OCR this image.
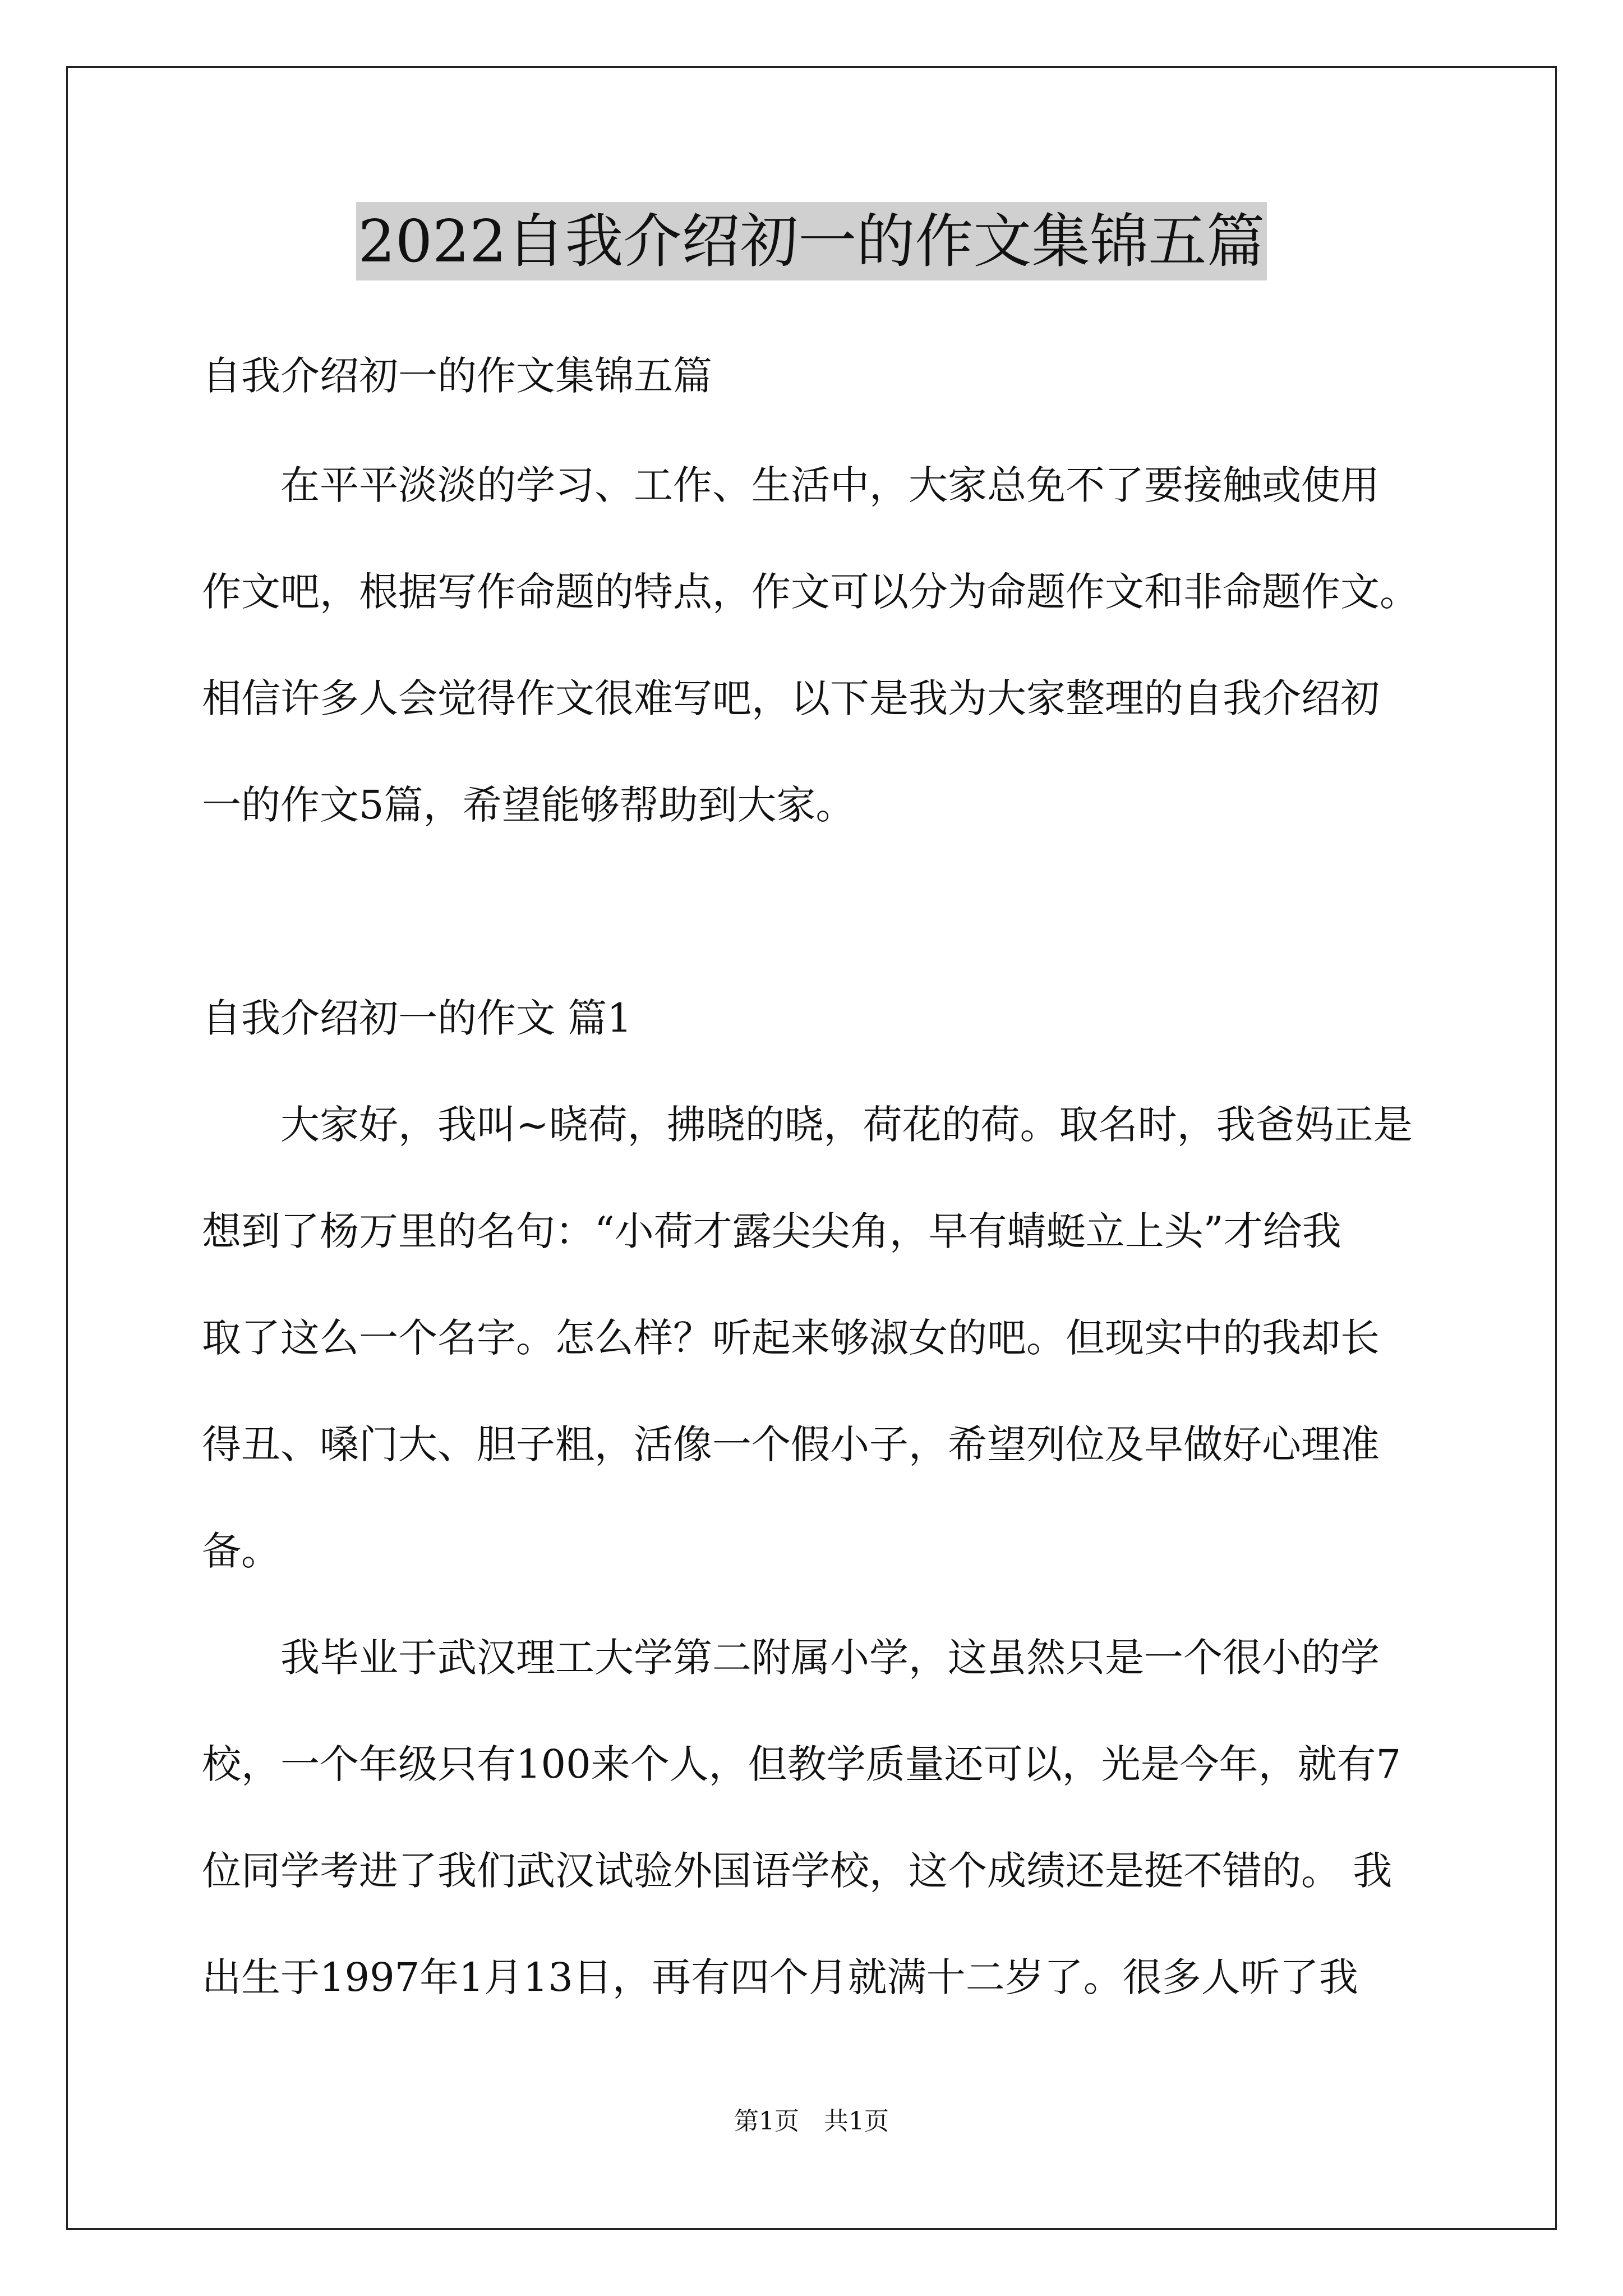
2022自我介绍初一的作文集锦五篇
自我介绍初一的作文集锦五篇
　　在平平淡淡的学习、工作、生活中，大家总免不了要接触或使用
作文吧，根据写作命题的特点，作文可以分为命题作文和非命题作文。
相信许多人会觉得作文很难写吧，以下是我为大家整理的自我介绍初
一的作文5篇，希望能够帮助到大家。
自我介绍初一的作文 篇1
　　大家好，我叫~晓荷，拂晓的晓，荷花的荷。取名时，我爸妈正是
想到了杨万里的名句：“小荷才露尖尖角，早有蜻蜓立上头”才给我
取了这么一个名字。怎么样？听起来够淑女的吧。但现实中的我却长
得丑、嗓门大、胆子粗，活像一个假小子，希望列位及早做好心理准
备。
　　我毕业于武汉理工大学第二附属小学，这虽然只是一个很小的学
校，一个年级只有100来个人，但教学质量还可以，光是今年，就有7
位同学考进了我们武汉试验外国语学校，这个成绩还是挺不错的。 我
出生于1997年1月13日，再有四个月就满十二岁了。很多人听了我
第1页　共1页
